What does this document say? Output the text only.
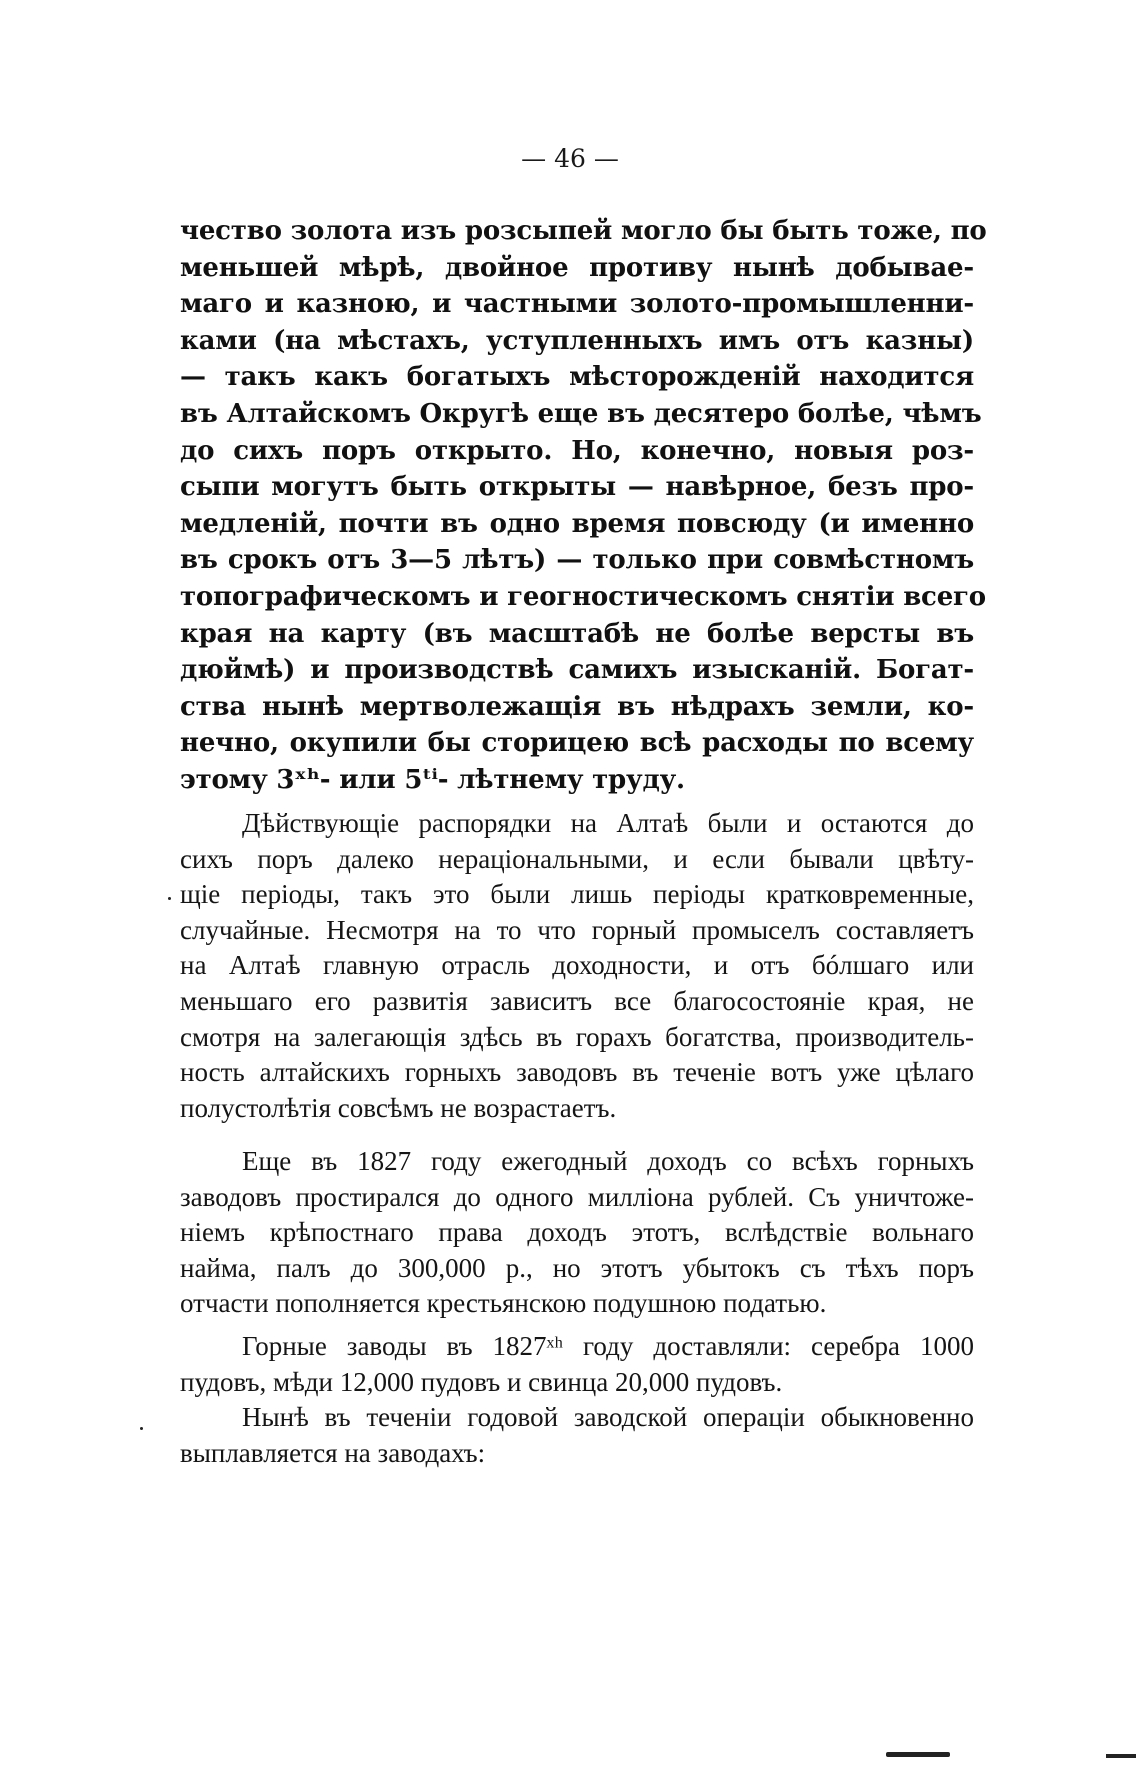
— 46 —
чество золота изъ розсыпей могло бы быть тоже, по
меньшей мѣрѣ, двойное противу нынѣ добывае-
маго и казною, и частными золото-промышленни-
ками (на мѣстахъ, уступленныхъ имъ отъ казны)
— такъ какъ богатыхъ мѣсторожденій находится
въ Алтайскомъ Округѣ еще въ десятеро болѣе, чѣмъ
до сихъ поръ открыто. Но, конечно, новыя роз-
сыпи могутъ быть открыты — навѣрное, безъ про-
медленій, почти въ одно время повсюду (и именно
въ срокъ отъ 3—5 лѣтъ) — только при совмѣстномъ
топографическомъ и геогностическомъ снятіи всего
края на карту (въ масштабѣ не болѣе версты въ
дюймѣ) и производствѣ самихъ изысканій. Богат-
ства нынѣ мертволежащія въ нѣдрахъ земли, ко-
нечно, окупили бы сторицею всѣ расходы по всему
этому 3ˣʰ- или 5ᵗⁱ- лѣтнему труду.
Дѣйствующіе распорядки на Алтаѣ были и остаются до
сихъ поръ далеко нераціональными, и если бывали цвѣту-
щіе періоды, такъ это были лишь періоды кратковременные,
случайные. Несмотря на то что горный промыселъ составляетъ
на Алтаѣ главную отрасль доходности, и отъ бóлшаго или
меньшаго его развитія зависитъ все благосостояніе края, не
смотря на залегающія здѣсь въ горахъ богатства, производитель-
ность алтайскихъ горныхъ заводовъ въ теченіе вотъ уже цѣлаго
полустолѣтія совсѣмъ не возрастаетъ.
Еще въ 1827 году ежегодный доходъ со всѣхъ горныхъ
заводовъ простирался до одного милліона рублей. Съ уничтоже-
ніемъ крѣпостнаго права доходъ этотъ, вслѣдствіе вольнаго
найма, палъ до 300,000 р., но этотъ убытокъ съ тѣхъ поръ
отчасти пополняется крестьянскою подушною податью.
Горные заводы въ 1827ˣʰ году доставляли: серебра 1000
пудовъ, мѣди 12,000 пудовъ и свинца 20,000 пудовъ.
Нынѣ въ теченіи годовой заводской операціи обыкновенно
выплавляется на заводахъ:
